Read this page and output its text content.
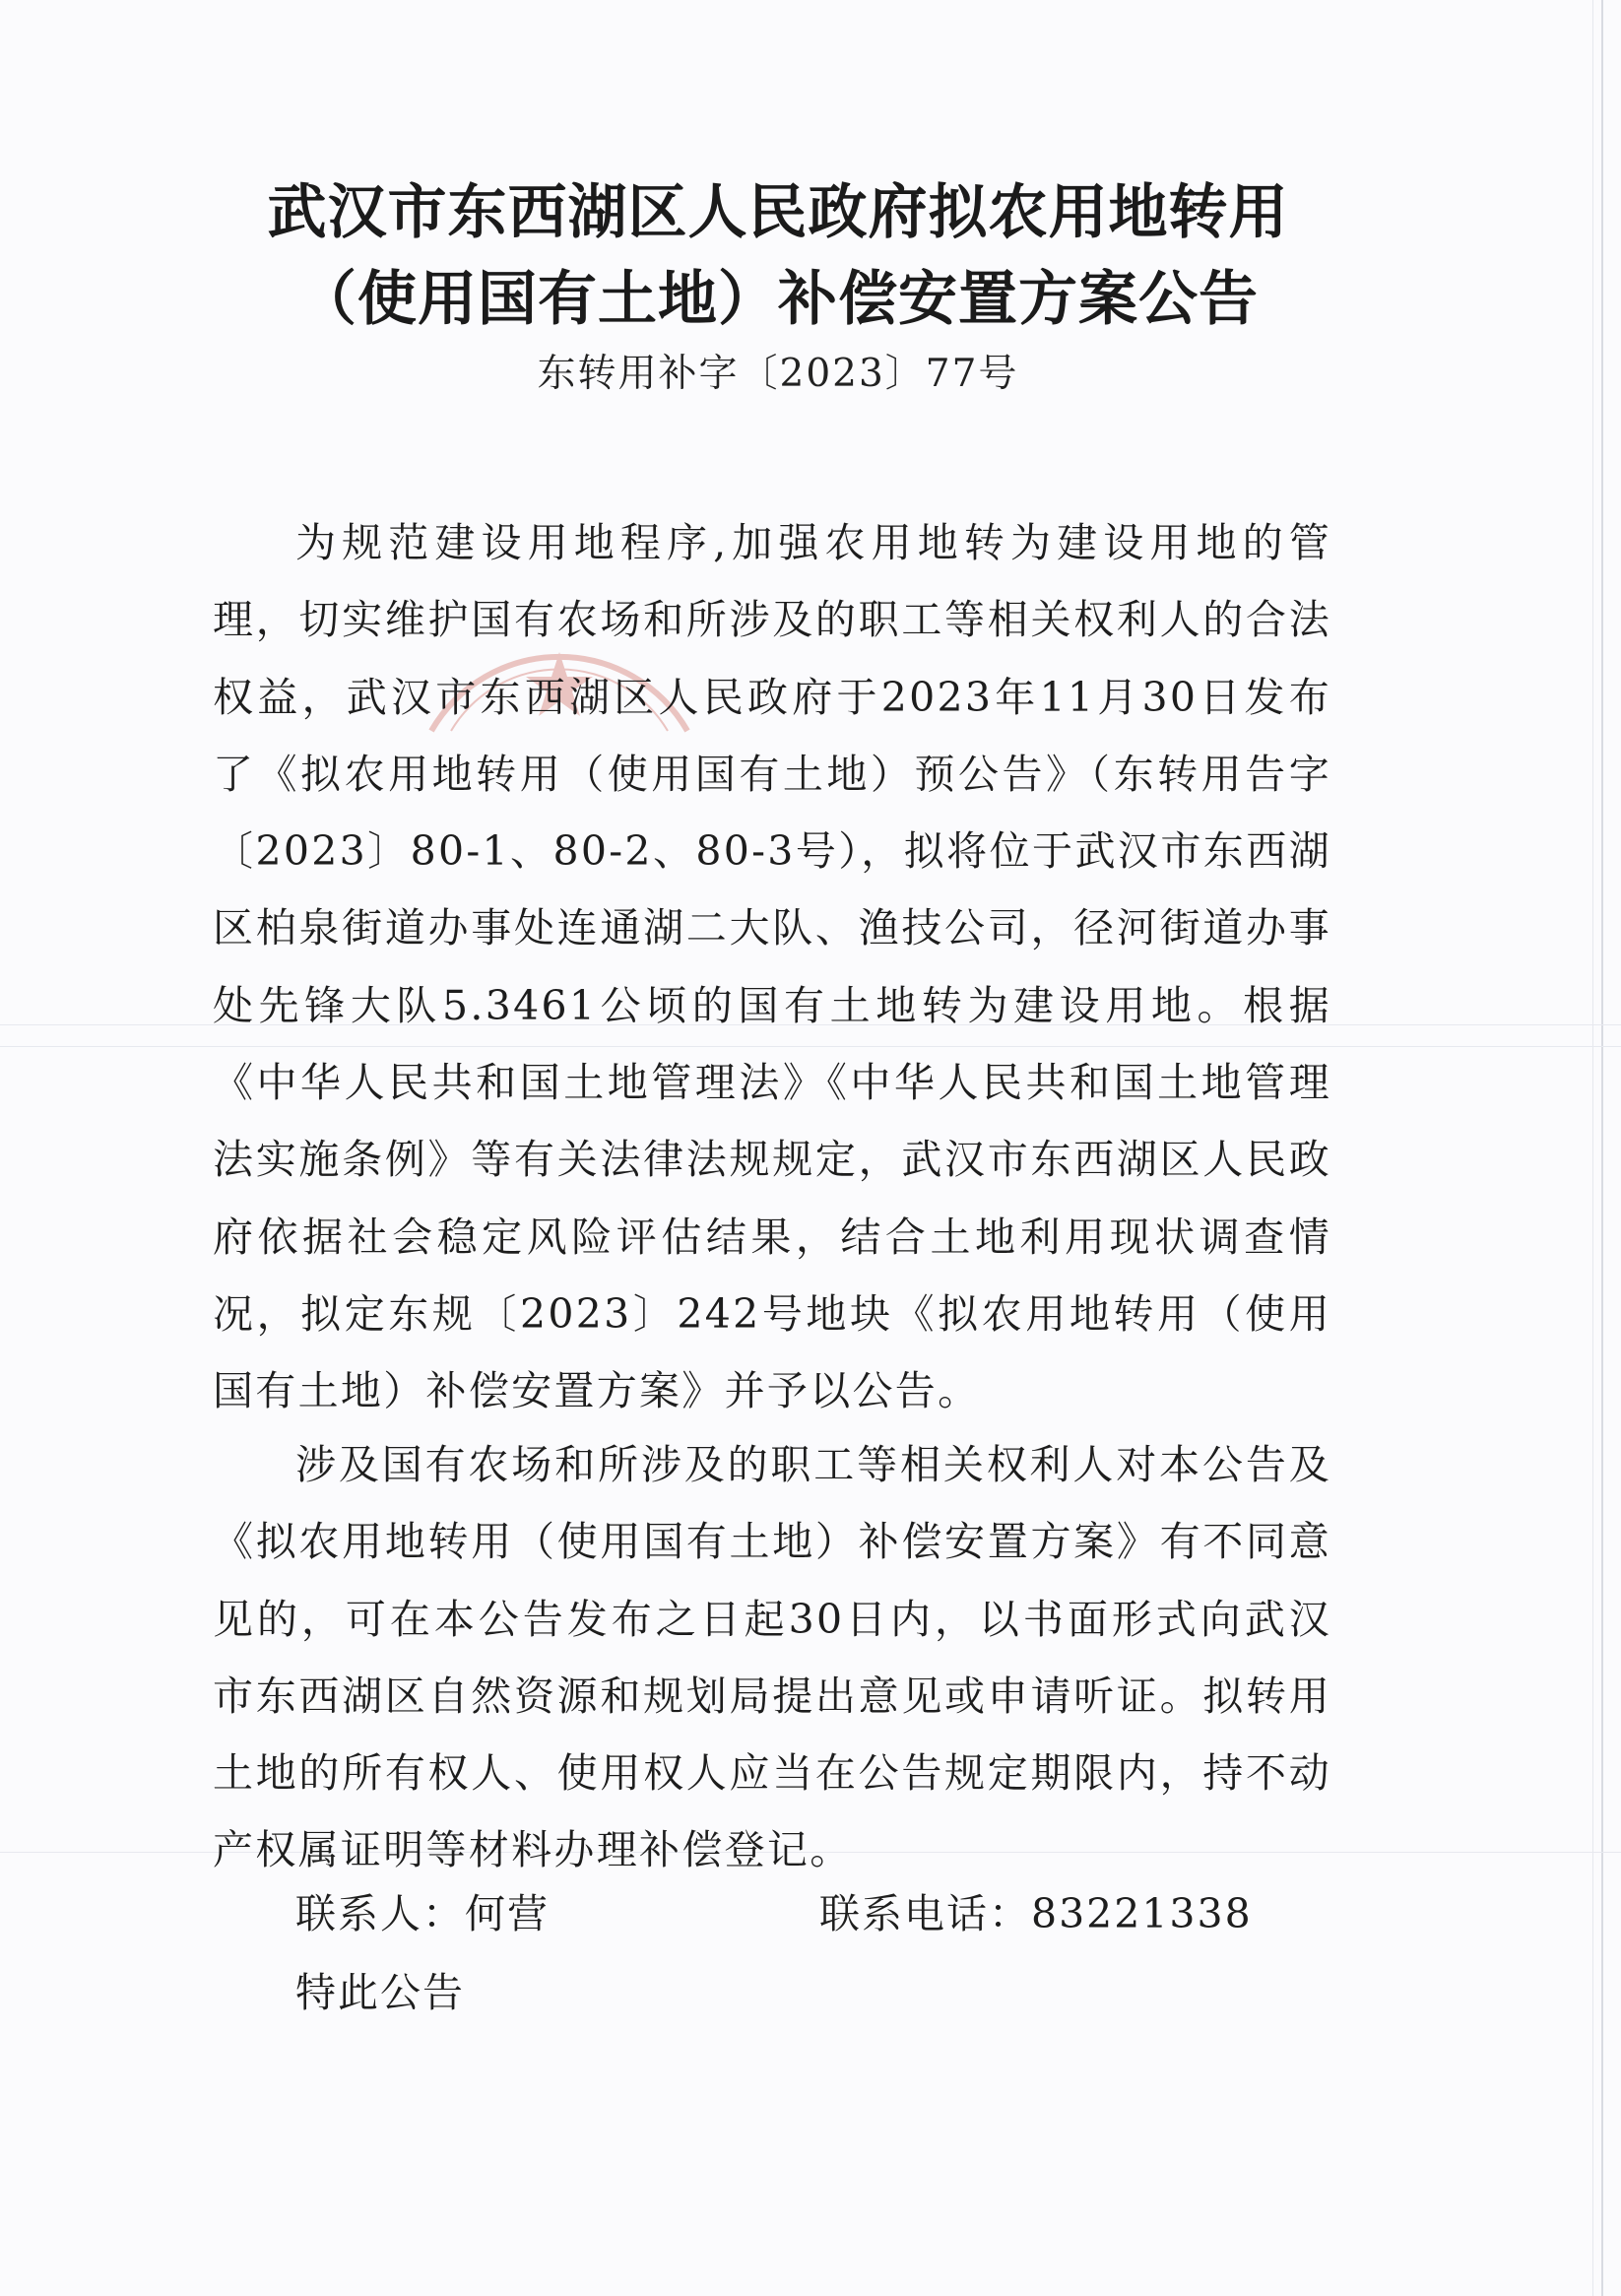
武汉市东西湖区人民政府拟农用地转用
（使用国有土地）补偿安置方案公告
东转用补字〔2023〕77号

为规范建设用地程序,加强农用地转为建设用地的管理，切实维护国有农场和所涉及的职工等相关权利人的合法权益，武汉市东西湖区人民政府于2023年11月30日发布了《拟农用地转用（使用国有土地）预公告》（东转用告字〔2023〕80-1、80-2、80-3号），拟将位于武汉市东西湖区柏泉街道办事处连通湖二大队、渔技公司，径河街道办事处先锋大队5.3461公顷的国有土地转为建设用地。根据《中华人民共和国土地管理法》《中华人民共和国土地管理法实施条例》等有关法律法规规定，武汉市东西湖区人民政府依据社会稳定风险评估结果，结合土地利用现状调查情况，拟定东规〔2023〕242号地块《拟农用地转用（使用国有土地）补偿安置方案》并予以公告。

涉及国有农场和所涉及的职工等相关权利人对本公告及《拟农用地转用（使用国有土地）补偿安置方案》有不同意见的，可在本公告发布之日起30日内，以书面形式向武汉市东西湖区自然资源和规划局提出意见或申请听证。拟转用土地的所有权人、使用权人应当在公告规定期限内，持不动产权属证明等材料办理补偿登记。

联系人：何营	联系电话：83221338
特此公告
